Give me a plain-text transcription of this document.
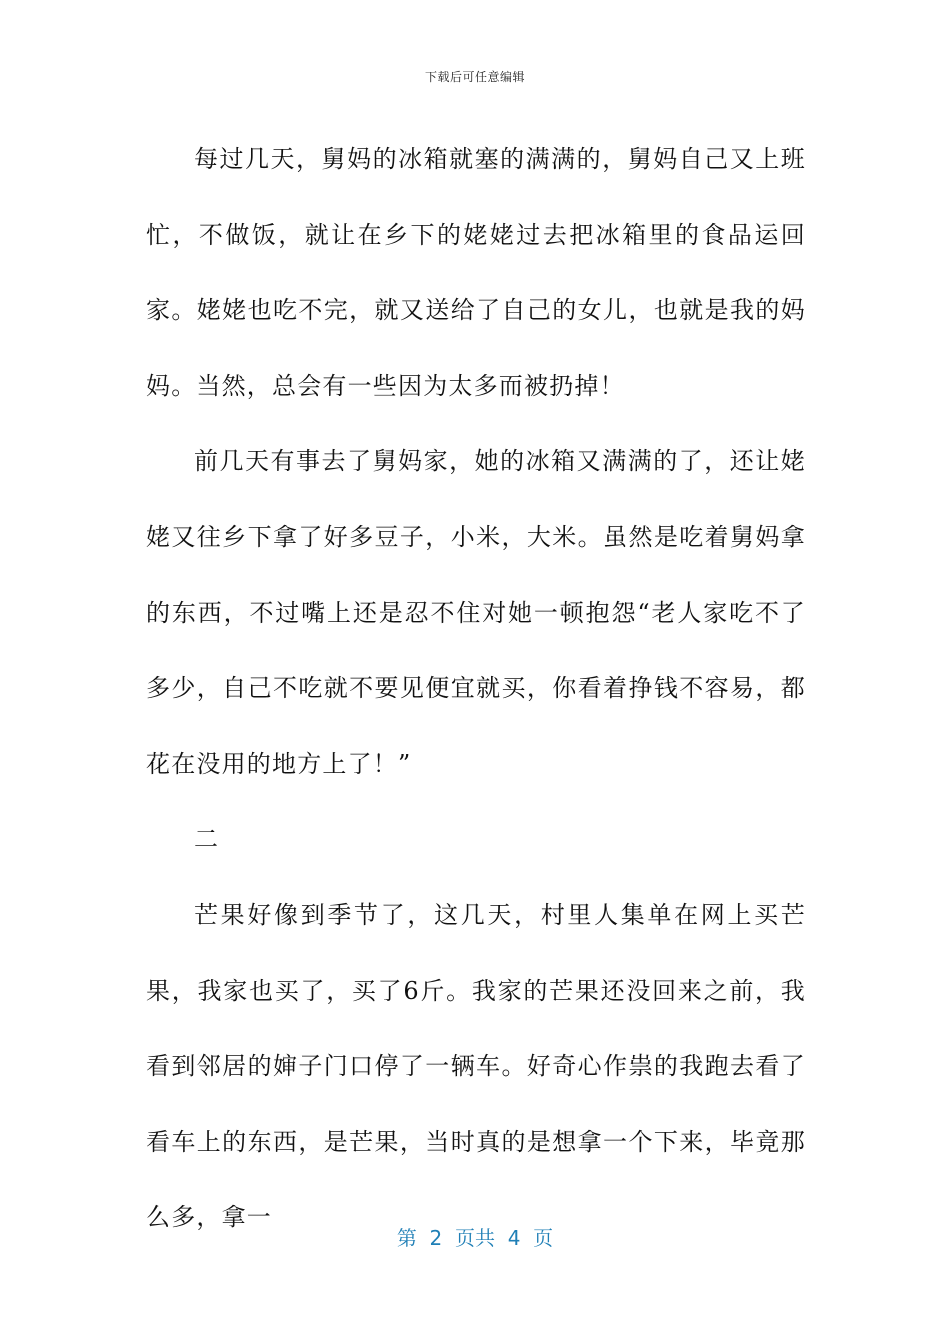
下载后可任意编辑

每过几天，舅妈的冰箱就塞的满满的，舅妈自己又上班忙，不做饭，就让在乡下的姥姥过去把冰箱里的食品运回家。姥姥也吃不完，就又送给了自己的女儿，也就是我的妈妈。当然，总会有一些因为太多而被扔掉！

前几天有事去了舅妈家，她的冰箱又满满的了，还让姥姥又往乡下拿了好多豆子，小米，大米。虽然是吃着舅妈拿的东西，不过嘴上还是忍不住对她一顿抱怨“老人家吃不了多少，自己不吃就不要见便宜就买，你看着挣钱不容易，都花在没用的地方上了！”

二

芒果好像到季节了，这几天，村里人集单在网上买芒果，我家也买了，买了6斤。我家的芒果还没回来之前，我看到邻居的婶子门口停了一辆车。好奇心作祟的我跑去看了看车上的东西，是芒果，当时真的是想拿一个下来，毕竟那么多，拿一

第  2  页共  4  页
